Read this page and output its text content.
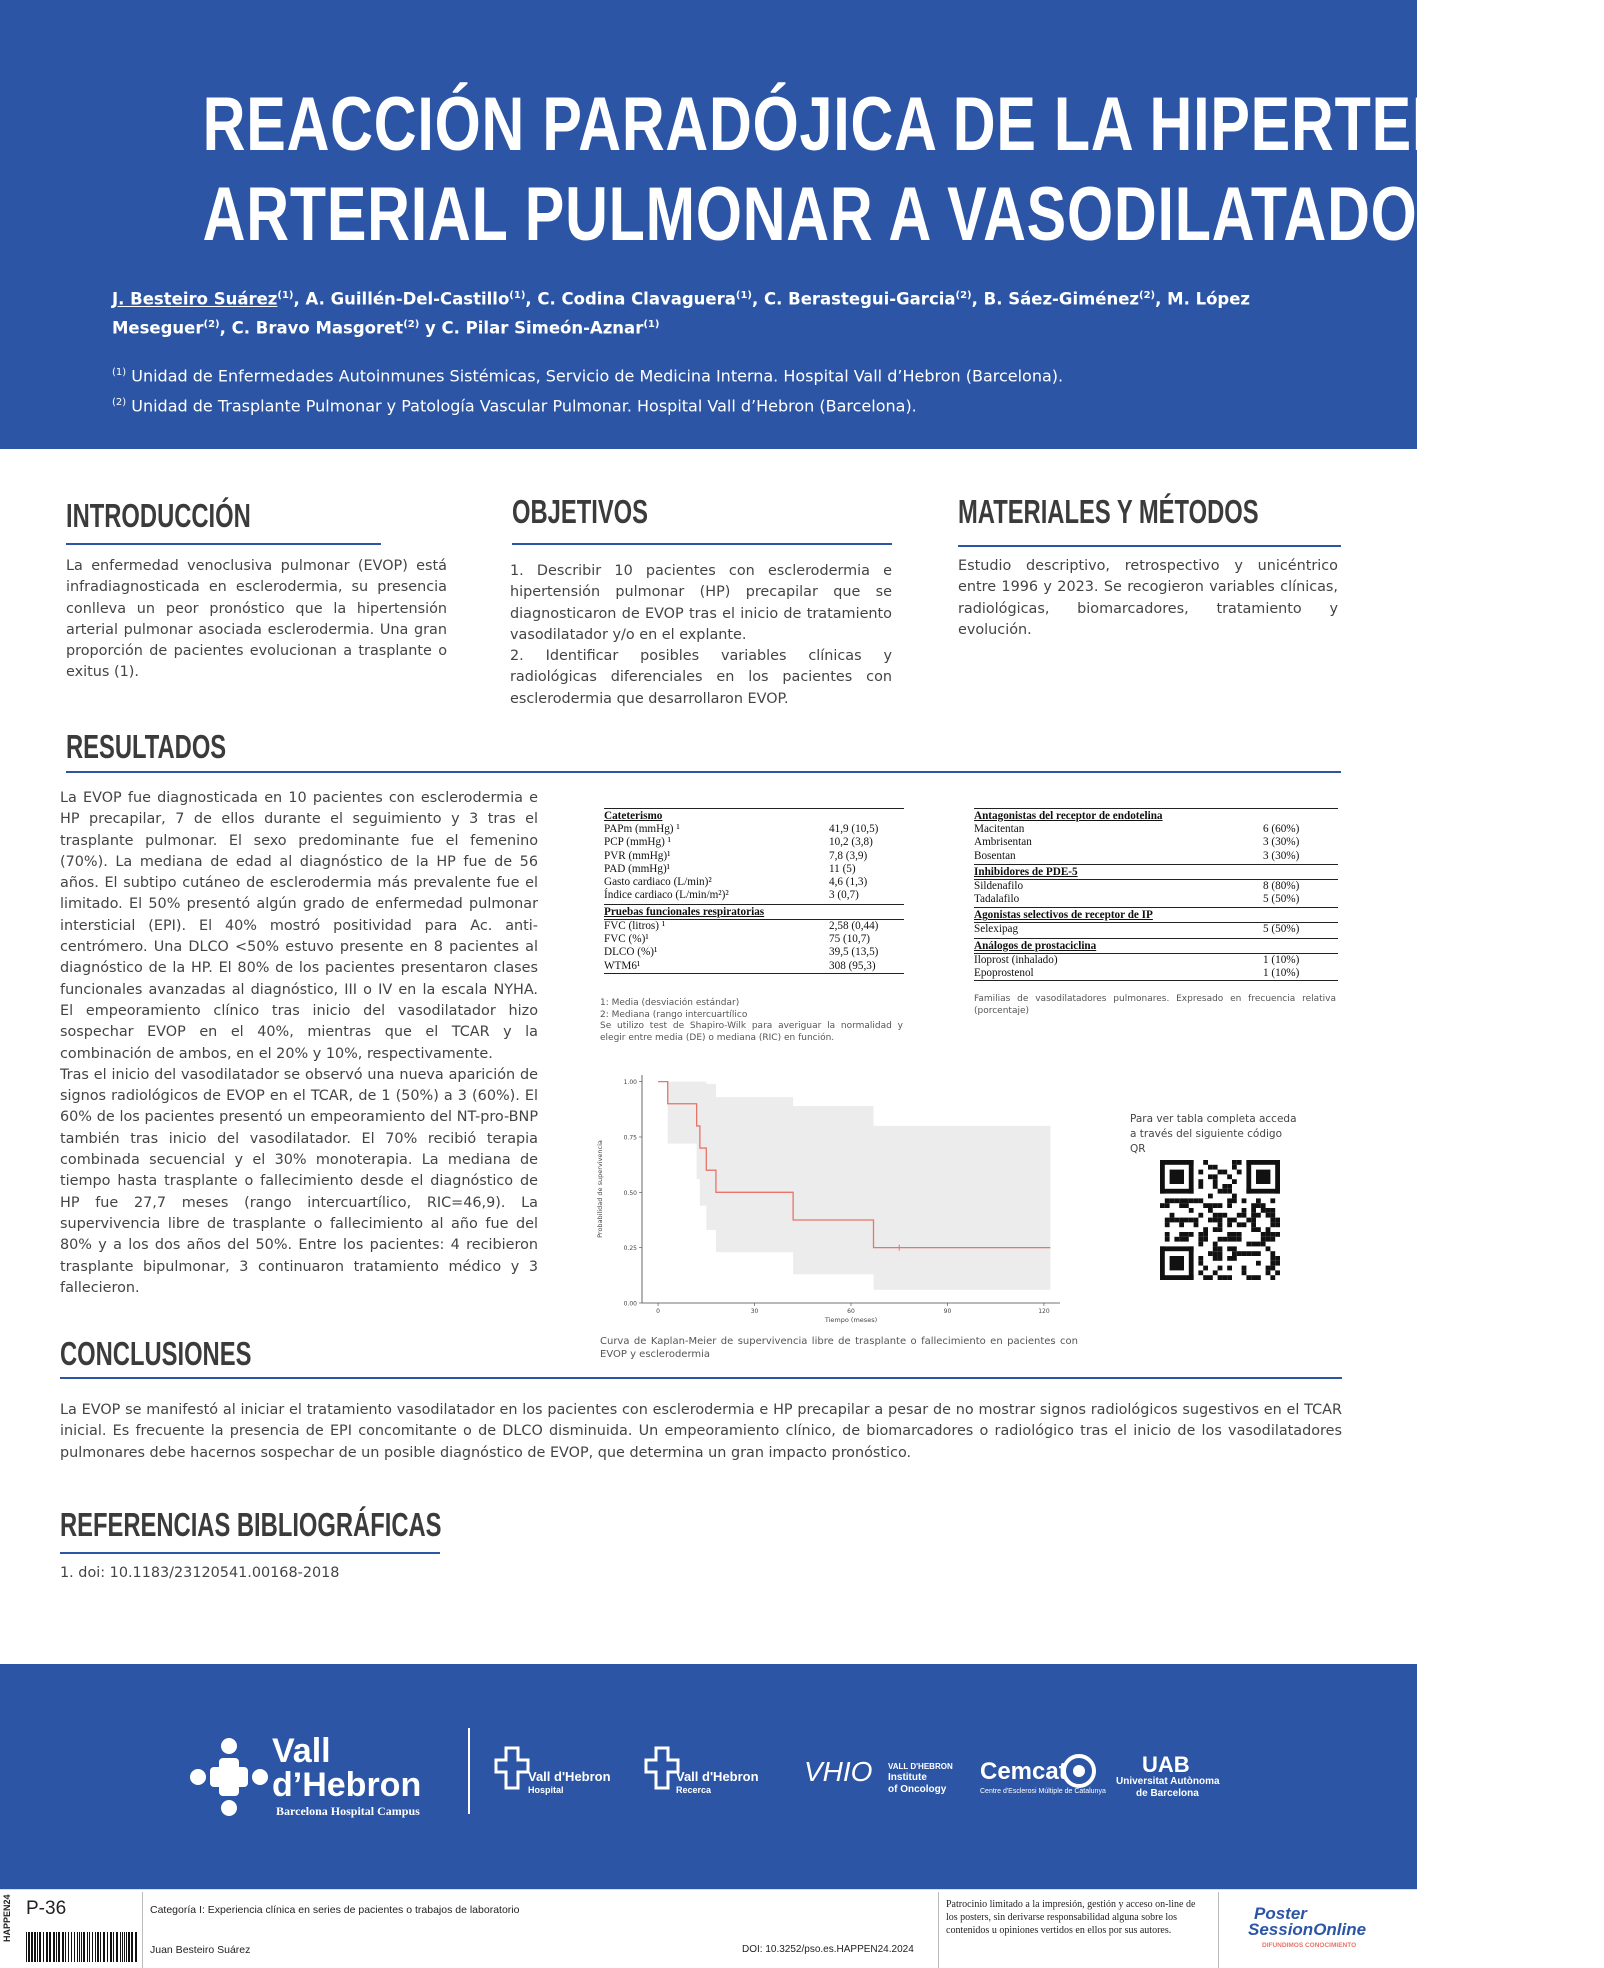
REACCIÓN PARADÓJICA DE LA HIPERTENSIÓN
ARTERIAL PULMONAR A VASODILATADORES
J. Besteiro Suárez$^{(1)}$, A. Guillén-Del-Castillo$^{(1)}$, C. Codina Clavaguera$^{(1)}$, C. Berastegui-Garcia$^{(2)}$, B. Sáez-Giménez$^{(2)}$, M. López Meseguer$^{(2)}$, C. Bravo Masgoret$^{(2)}$ y C. Pilar Simeón-Aznar$^{(1)}$
$^{(1)}$ Unidad de Enfermedades Autoinmunes Sistémicas, Servicio de Medicina Interna. Hospital Vall d’Hebron (Barcelona).
$^{(2)}$ Unidad de Trasplante Pulmonar y Patología Vascular Pulmonar. Hospital Vall d’Hebron (Barcelona).
INTRODUCCIÓN
La enfermedad venoclusiva pulmonar (EVOP) está infradiagnosticada en esclerodermia, su presencia conlleva un peor pronóstico que la hipertensión arterial pulmonar asociada esclerodermia. Una gran proporción de pacientes evolucionan a trasplante o exitus (1).
OBJETIVOS

1. Describir 10 pacientes con esclerodermia e hipertensión pulmonar (HP) precapilar que se diagnosticaron de EVOP tras el inicio de tratamiento vasodilatador y/o en el explante.

2. Identificar posibles variables clínicas y radiológicas diferenciales en los pacientes con esclerodermia que desarrollaron EVOP.

MATERIALES Y MÉTODOS
Estudio descriptivo, retrospectivo y unicéntrico entre 1996 y 2023. Se recogieron variables clínicas, radiológicas, biomarcadores, tratamiento y evolución.
RESULTADOS

La EVOP fue diagnosticada en 10 pacientes con esclerodermia e HP precapilar, 7 de ellos durante el seguimiento y 3 tras el trasplante pulmonar. El sexo predominante fue el femenino (70%). La mediana de edad al diagnóstico de la HP fue de 56 años. El subtipo cutáneo de esclerodermia más prevalente fue el limitado. El 50% presentó algún grado de enfermedad pulmonar intersticial (EPI). El 40% mostró positividad para Ac. anti-centrómero. Una DLCO <50% estuvo presente en 8 pacientes al diagnóstico de la HP. El 80% de los pacientes presentaron clases funcionales avanzadas al diagnóstico, III o IV en la escala NYHA. El empeoramiento clínico tras inicio del vasodilatador hizo sospechar EVOP en el 40%, mientras que el TCAR y la combinación de ambos, en el 20% y 10%, respectivamente.

Tras el inicio del vasodilatador se observó una nueva aparición de signos radiológicos de EVOP en el TCAR, de 1 (50%) a 3 (60%). El 60% de los pacientes presentó un empeoramiento del NT-pro-BNP también tras inicio del vasodilatador. El 70% recibió terapia combinada secuencial y el 30% monoterapia. La mediana de tiempo hasta trasplante o fallecimiento desde el diagnóstico de HP fue 27,7 meses (rango intercuartílico, RIC=46,9). La supervivencia libre de trasplante o fallecimiento al año fue del 80% y a los dos años del 50%. Entre los pacientes: 4 recibieron trasplante bipulmonar, 3 continuaron tratamiento médico y 3 fallecieron.

Cateterismo
PAPm (mmHg) ¹	41,9 (10,5)
PCP (mmHg) ¹	10,2 (3,8)
PVR (mmHg)¹	7,8 (3,9)
PAD (mmHg)¹	11 (5)
Gasto cardiaco (L/min)²	4,6 (1,3)
Índice cardiaco (L/min/m²)²	3 (0,7)
Pruebas funcionales respiratorias
FVC (litros) ¹	2,58 (0,44)
FVC (%)¹	75 (10,7)
DLCO (%)¹	39,5 (13,5)
WTM6¹	308 (95,3)
1: Media (desviación estándar)
2: Mediana (rango intercuartílico
Se utilizo test de Shapiro-Wilk para averiguar la normalidad y elegir entre media (DE) o mediana (RIC) en función.
Antagonistas del receptor de endotelina
Macitentan	6 (60%)
Ambrisentan	3 (30%)
Bosentan	3 (30%)
Inhibidores de PDE-5
Sildenafilo	8 (80%)
Tadalafilo	5 (50%)
Agonistas selectivos de receptor de IP
Selexipag	5 (50%)
Análogos de prostaciclina
Iloprost (inhalado)	1 (10%)
Epoprostenol	1 (10%)
Familias de vasodilatadores pulmonares. Expresado en frecuencia relativa (porcentaje)
0.00
0.25
0.50
0.75
1.00
0	30	60	90	120
Tiempo (meses)
Probabilidad de supervivencia
Curva de Kaplan-Meier de supervivencia libre de trasplante o fallecimiento en pacientes con EVOP y esclerodermia
Para ver tabla completa acceda a través del siguiente código QR
CONCLUSIONES
La EVOP se manifestó al iniciar el tratamiento vasodilatador en los pacientes con esclerodermia e HP precapilar a pesar de no mostrar signos radiológicos sugestivos en el TCAR inicial. Es frecuente la presencia de EPI concomitante o de DLCO disminuida. Un empeoramiento clínico, de biomarcadores o radiológico tras el inicio de los vasodilatadores pulmonares debe hacernos sospechar de un posible diagnóstico de EVOP, que determina un gran impacto pronóstico.
REFERENCIAS BIBLIOGRÁFICAS
1. doi: 10.1183/23120541.00168-2018
Vall
d’Hebron
Barcelona Hospital Campus
Vall d'Hebron
Hospital
Vall d'Hebron
Recerca
VHIO VALL D'HEBRON
Institute
of Oncology
Cemcat
Centre d'Esclerosi Múltiple de Catalunya
UAB
Universitat Autònoma
de Barcelona
HAPPEN24 P-36	Categoría I: Experiencia clínica en series de pacientes o trabajos de laboratorio
Juan Besteiro Suárez	DOI: 10.3252/pso.es.HAPPEN24.2024
Patrocinio limitado a la impresión, gestión y acceso on-line de los posters, sin derivarse responsabilidad alguna sobre los contenidos u opiniones vertidos en ellos por sus autores.
Poster
SessionOnline
DIFUNDIMOS CONOCIMIENTO
